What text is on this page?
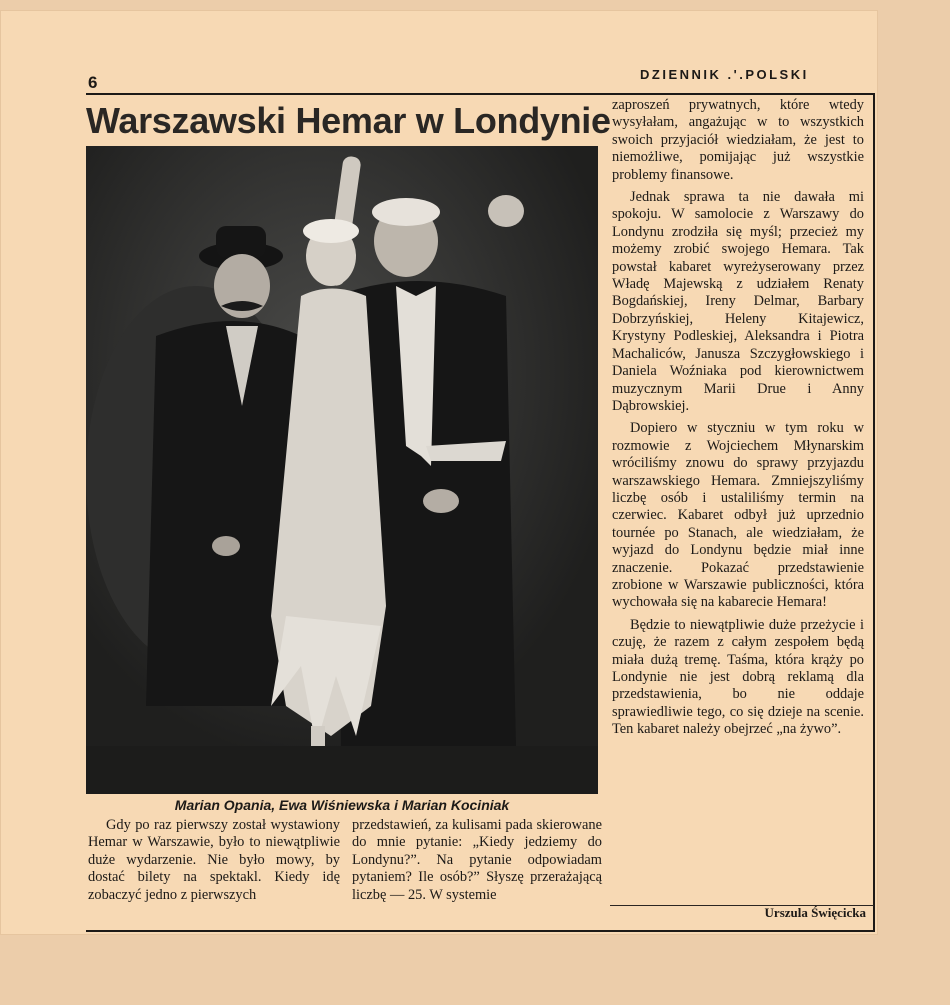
6	DZIENNIK .'.POLSKI
Warszawski Hemar w Londynie
Marian Opania, Ewa Wiśniewska i Marian Kociniak

Gdy po raz pierwszy został wystawiony Hemar w Warszawie, było to niewątpliwie duże wydarzenie. Nie było mowy, by dostać bilety na spektakl. Kiedy idę zobaczyć jedno z pierwszych

przedstawień, za kulisami pada skierowane do mnie pytanie: „Kiedy jedziemy do Londynu?”. Na pytanie odpowiadam pytaniem? Ile osób?” Słyszę przerażającą liczbę — 25. W systemie

zaproszeń prywatnych, które wtedy wysyłałam, angażując w to wszystkich swoich przyjaciół wiedziałam, że jest to niemożliwe, pomijając już wszystkie problemy finansowe.

Jednak sprawa ta nie dawała mi spokoju. W samolocie z Warszawy do Londynu zrodziła się myśl; przecież my możemy zrobić swojego Hemara. Tak powstał kabaret wyreżyserowany przez Władę Majewską z udziałem Renaty Bogdańskiej, Ireny Delmar, Barbary Dobrzyńskiej, Heleny Kitajewicz, Krystyny Podleskiej, Aleksandra i Piotra Machaliców, Janusza Szczygłowskiego i Daniela Woźniaka pod kierownictwem muzycznym Marii Drue i Anny Dąbrowskiej.

Dopiero w styczniu w tym roku w rozmowie z Wojciechem Młynarskim wróciliśmy znowu do sprawy przyjazdu warszawskiego Hemara. Zmniejszyliśmy liczbę osób i ustaliliśmy termin na czerwiec. Kabaret odbył już uprzednio tournée po Stanach, ale wiedziałam, że wyjazd do Londynu będzie miał inne znaczenie. Pokazać przedstawienie zrobione w Warszawie publiczności, która wychowała się na kabarecie Hemara!

Będzie to niewątpliwie duże przeżycie i czuję, że razem z całym zespołem będą miała dużą tremę. Taśma, która krąży po Londynie nie jest dobrą reklamą dla przedstawienia, bo nie oddaje sprawiedliwie tego, co się dzieje na scenie. Ten kabaret należy obejrzeć „na żywo”.

Urszula Święcicka
